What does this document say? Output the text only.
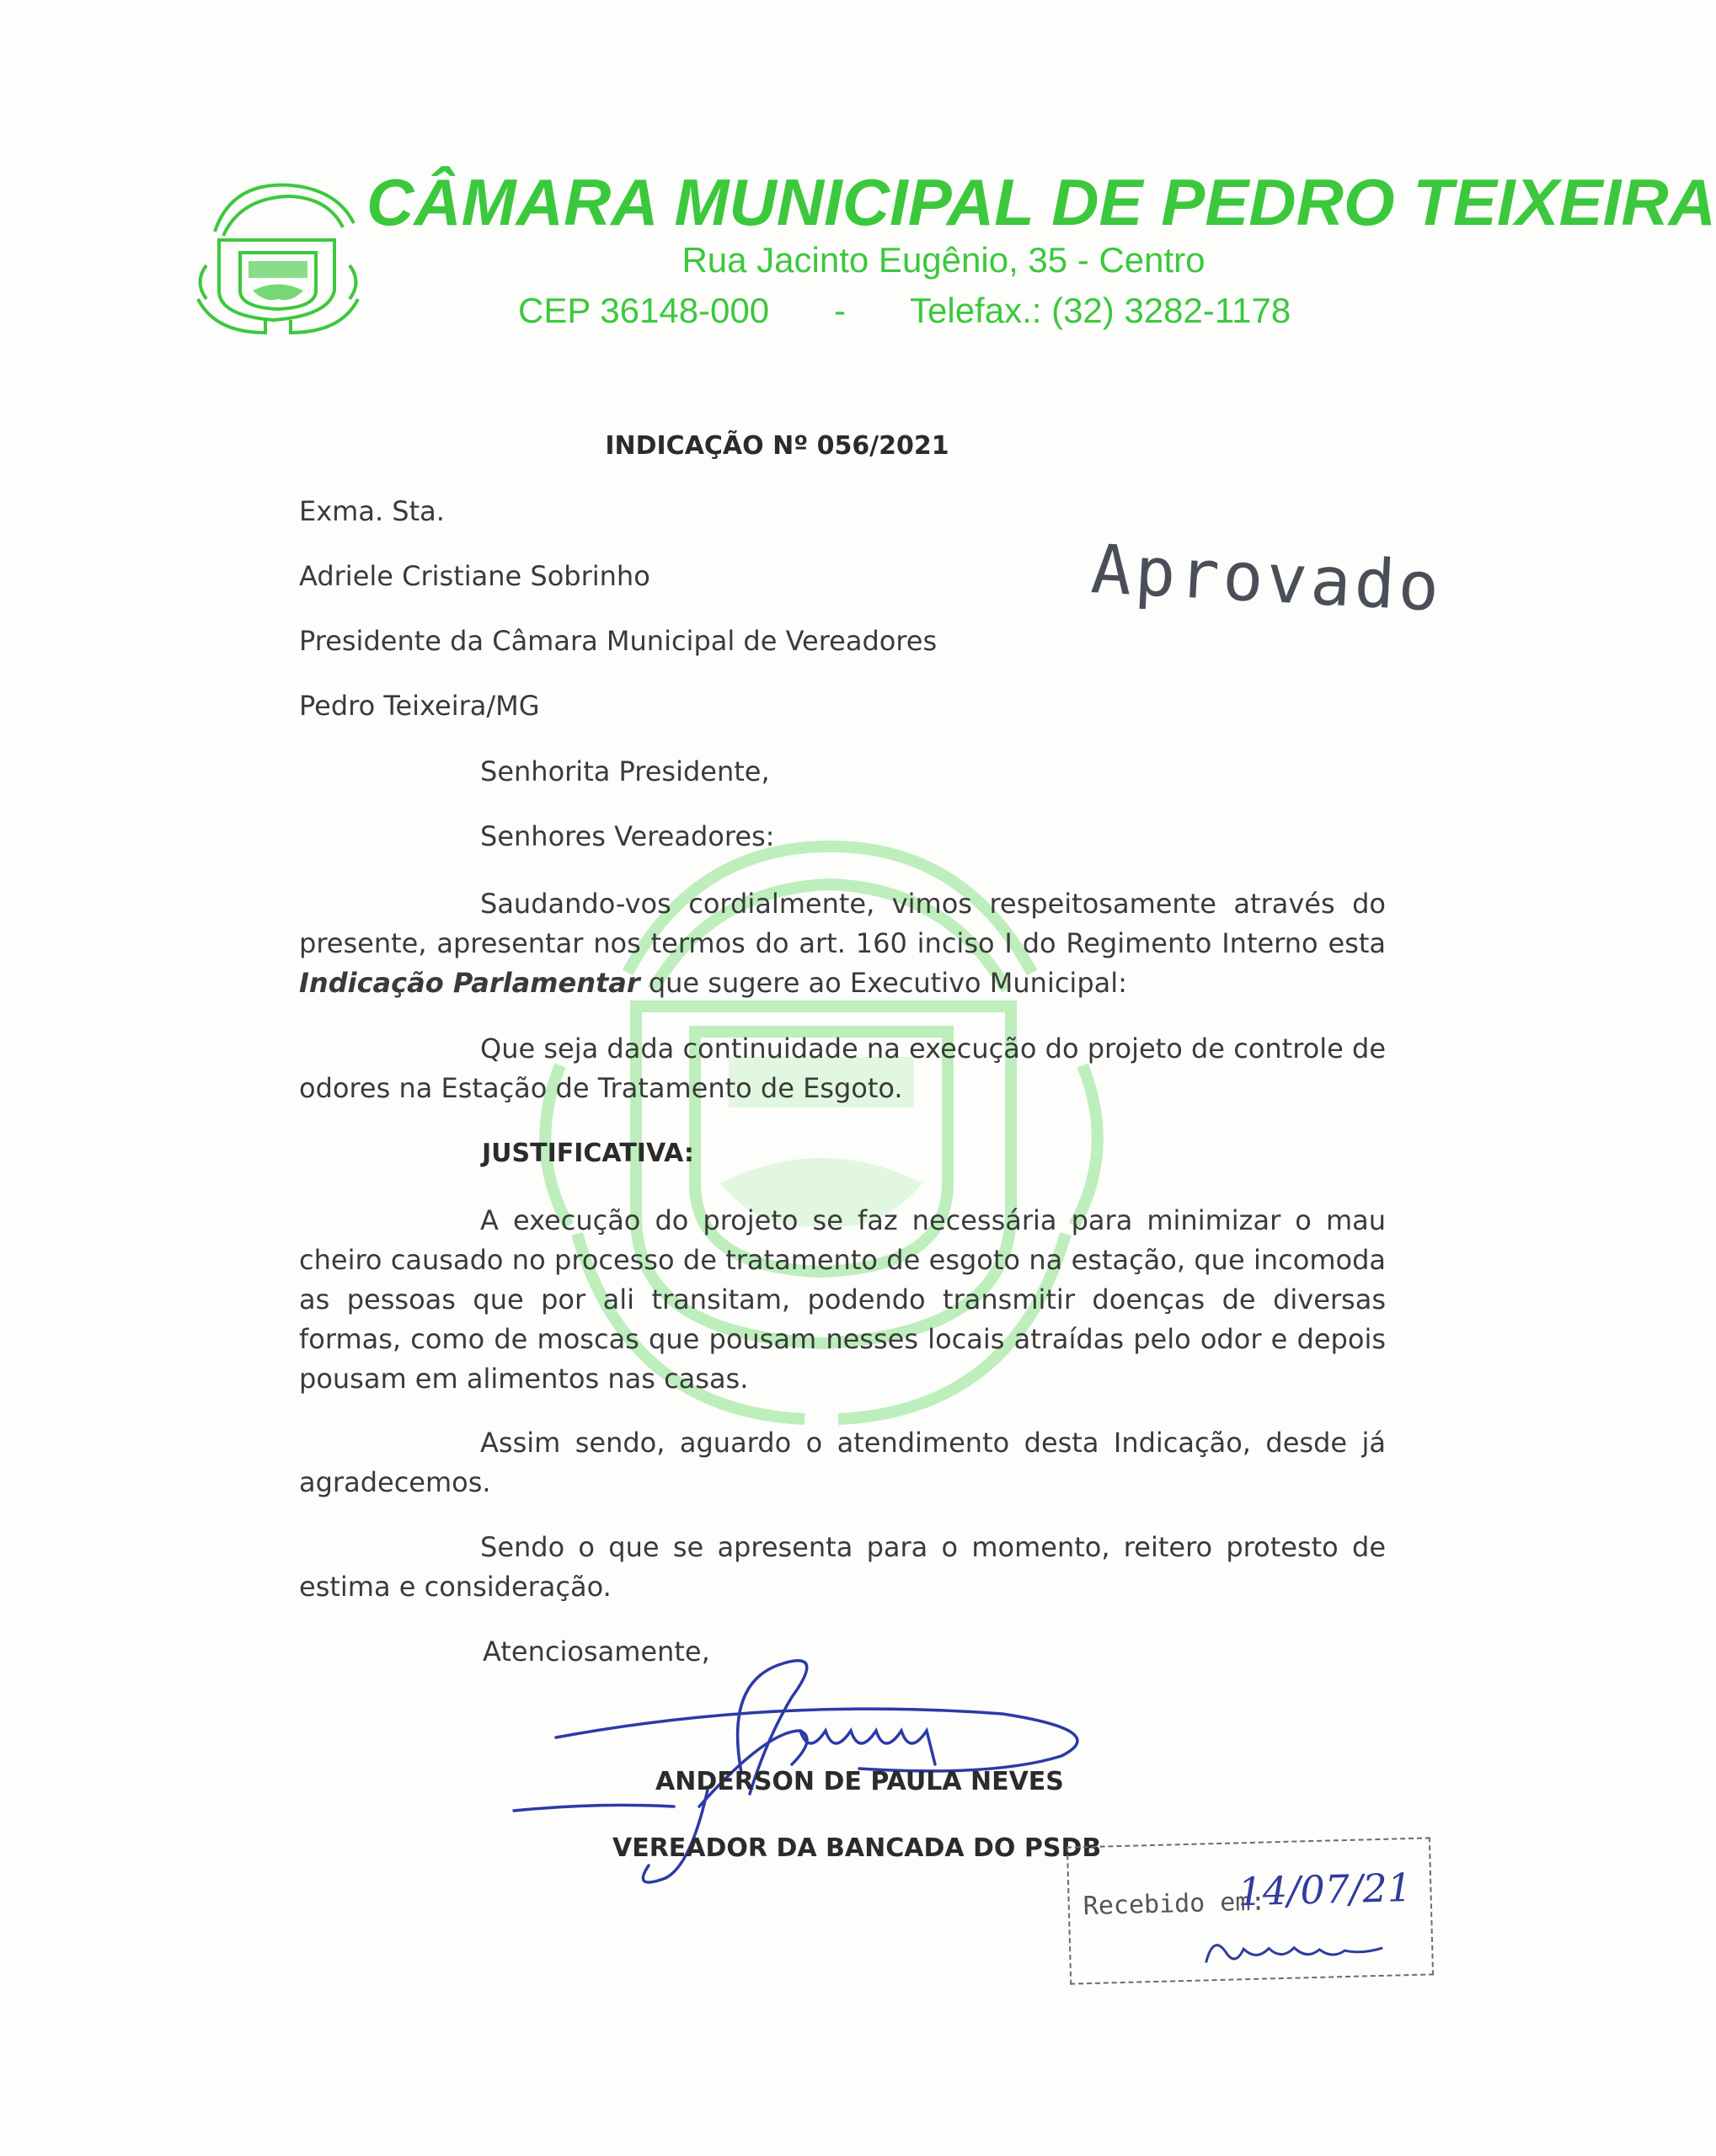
CÂMARA MUNICIPAL DE PEDRO TEIXEIRA
Rua Jacinto Eugênio, 35 - Centro
CEP 36148-000 - Telefax.: (32) 3282-1178
Aprovado
INDICAÇÃO Nº 056/2021
Exma. Sta.
Adriele Cristiane Sobrinho
Presidente da Câmara Municipal de Vereadores
Pedro Teixeira/MG
Senhorita Presidente,
Senhores Vereadores:
Saudando-vos cordialmente, vimos respeitosamente através do presente, apresentar nos termos do art. 160 inciso I do Regimento Interno esta Indicação Parlamentar que sugere ao Executivo Municipal:
Que seja dada continuidade na execução do projeto de controle de odores na Estação de Tratamento de Esgoto.
JUSTIFICATIVA:
A execução do projeto se faz necessária para minimizar o mau cheiro causado no processo de tratamento de esgoto na estação, que incomoda as pessoas que por ali transitam, podendo transmitir doenças de diversas formas, como de moscas que pousam nesses locais atraídas pelo odor e depois pousam em alimentos nas casas.
Assim sendo, aguardo o atendimento desta Indicação, desde já agradecemos.
Sendo o que se apresenta para o momento, reitero protesto de estima e consideração.
Atenciosamente,
ANDERSON DE PAULA NEVES
VEREADOR DA BANCADA DO PSDB
Recebido em:
14/07/21
